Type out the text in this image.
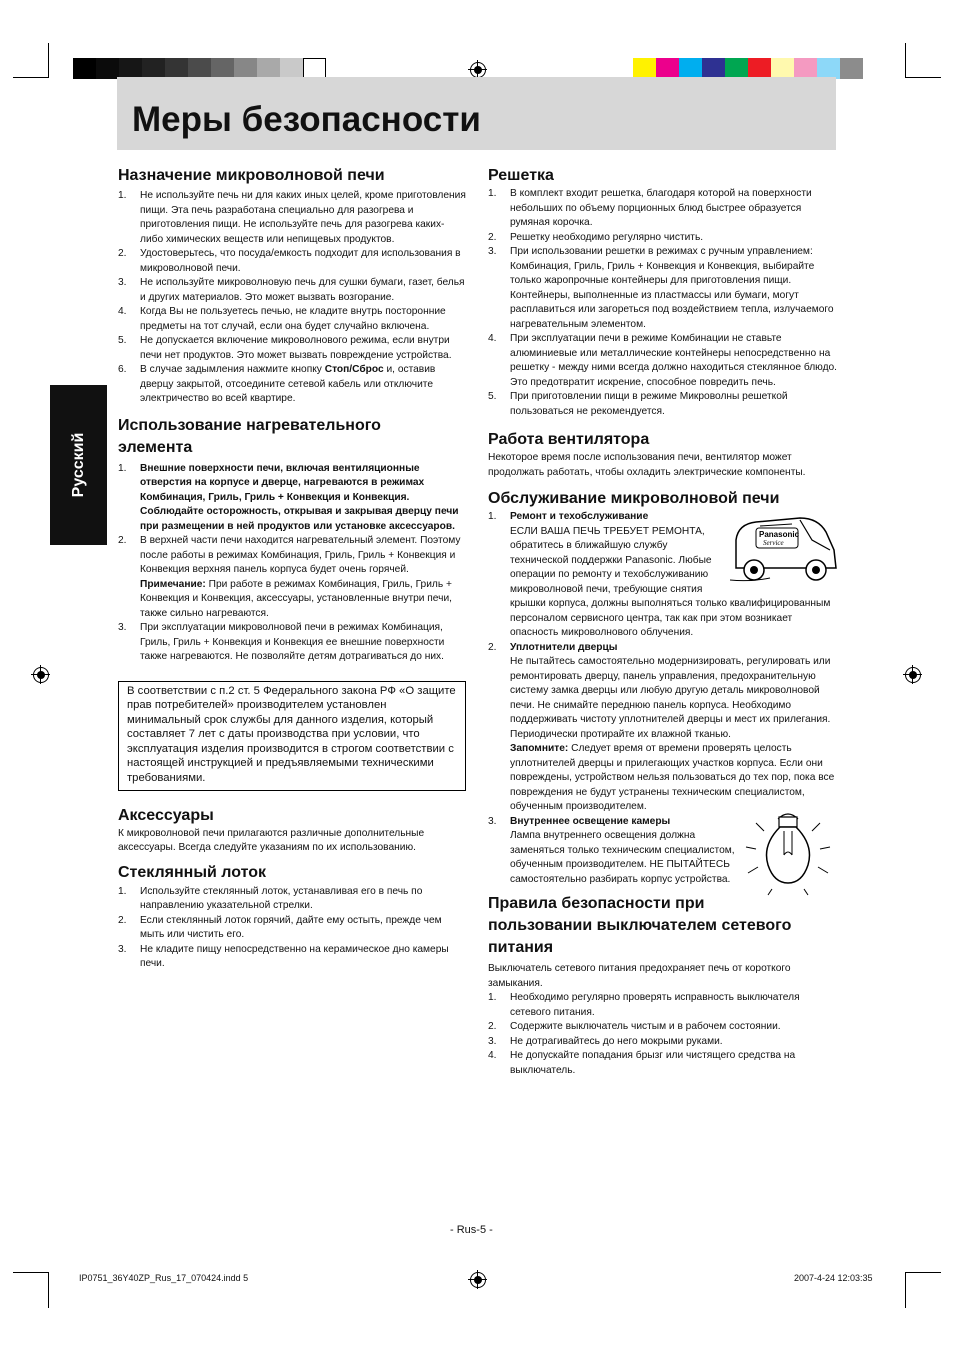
Меры безопасности
Русский
Назначение микроволновой печи
1. Не используйте печь ни для каких иных целей, кроме приготовления пищи. Эта печь разработана специально для разогрева и приготовления пищи. Не используйте печь для разогрева каких-либо химических веществ или непищевых продуктов.
2. Удостоверьтесь, что посуда/емкость подходит для использования в микроволновой печи.
3. Не используйте микроволновую печь для сушки бумаги, газет, белья и других материалов. Это может вызвать возгорание.
4. Когда Вы не пользуетесь печью, не кладите внутрь посторонние предметы на тот случай, если она будет случайно включена.
5. Не допускается включение микроволнового режима, если внутри печи нет продуктов. Это может вызвать повреждение устройства.
6. В случае задымления нажмите кнопку Стоп/Сброс и, оставив дверцу закрытой, отсоедините сетевой кабель или отключите электричество во всей квартире.
Использование нагревательного элемента
1. Внешние поверхности печи, включая вентиляционные отверстия на корпусе и дверце, нагреваются в режимах Комбинация, Гриль, Гриль + Конвекция и Конвекция. Соблюдайте осторожность, открывая и закрывая дверцу печи при размещении в ней продуктов или установке аксессуаров.
2. В верхней части печи находится нагревательный элемент. Поэтому после работы в режимах Комбинация, Гриль, Гриль + Конвекция и Конвекция верхняя панель корпуса будет очень горячей.
Примечание: При работе в режимах Комбинация, Гриль, Гриль + Конвекция и Конвекция, аксессуары, установленные внутри печи, также сильно нагреваются.
3. При эксплуатации микроволновой печи в режимах Комбинация, Гриль, Гриль + Конвекция и Конвекция ее внешние поверхности также нагреваются. Не позволяйте детям дотрагиваться до них.
В соответствии с п.2 ст. 5 Федерального закона РФ «О защите прав потребителей» производителем установлен минимальный срок службы для данного изделия, который составляет 7 лет с даты производства при условии, что эксплуатация изделия производится в строгом соответствии с настоящей инструкцией и предъявляемыми техническими требованиями.
Аксессуары

К микроволновой печи прилагаются различные дополнительные аксессуары. Всегда следуйте указаниям по их использованию.

Стеклянный лоток
1. Используйте стеклянный лоток, устанавливая его в печь по направлению указательной стрелки.
2. Если стеклянный лоток горячий, дайте ему остыть, прежде чем мыть или чистить его.
3. Не кладите пищу непосредственно на керамическое дно камеры печи.
Решетка
1. В комплект входит решетка, благодаря которой на поверхности небольших по объему порционных блюд быстрее образуется румяная корочка.
2. Решетку необходимо регулярно чистить.
3. При использовании решетки в режимах с ручным управлением: Комбинация, Гриль, Гриль + Конвекция и Конвекция, выбирайте только жаропрочные контейнеры для приготовления пищи. Контейнеры, выполненные из пластмассы или бумаги, могут расплавиться или загореться под воздействием тепла, излучаемого нагревательным элементом.
4. При эксплуатации печи в режиме Комбинации не ставьте алюминиевые или металлические контейнеры непосредственно на решетку - между ними всегда должно находиться стеклянное блюдо. Это предотвратит искрение, способное повредить печь.
5. При приготовлении пищи в режиме Микроволны решеткой пользоваться не рекомендуется.
Работа вентилятора

Некоторое время после использования печи, вентилятор может продолжать работать, чтобы охладить электрические компоненты.

Обслуживание микроволновой печи
1.
Panasonic
Service
Ремонт и техобслуживание
ЕСЛИ ВАША ПЕЧЬ ТРЕБУЕТ РЕМОНТА, обратитесь в ближайшую службу технической поддержки Panasonic. Любые операции по ремонту и техобслуживанию микроволновой печи, требующие снятия крышки корпуса, должны выполняться только квалифицированным персоналом сервисного центра, так как при этом возникает опасность микроволнового облучения.
2. Уплотнители дверцы
Не пытайтесь самостоятельно модернизировать, регулировать или ремонтировать дверцу, панель управления, предохранительную систему замка дверцы или любую другую деталь микроволновой печи. Не снимайте переднюю панель корпуса. Необходимо поддерживать чистоту уплотнителей дверцы и мест их прилегания. Периодически протирайте их влажной тканью.
Запомните: Следует время от времени проверять целость уплотнителей дверцы и прилегающих участков корпуса. Если они повреждены, устройством нельзя пользоваться до тех пор, пока все повреждения не будут устранены техническим специалистом, обученным производителем.
3. Внутреннее освещение камеры
Лампа внутреннего освещения должна заменяться только техническим специалистом, обученным производителем. НЕ ПЫТАЙТЕСЬ самостоятельно разбирать корпус устройства.
Правила безопасности при пользовании выключателем сетевого питания

Выключатель сетевого питания предохраняет печь от короткого замыкания.

1. Необходимо регулярно проверять исправность выключателя сетевого питания.
2. Содержите выключатель чистым и в рабочем состоянии.
3. Не дотрагивайтесь до него мокрыми руками.
4. Не допускайте попадания брызг или чистящего средства на выключатель.
- Rus-5 -
IP0751_36Y40ZP_Rus_17_070424.indd 5	2007-4-24 12:03:35
